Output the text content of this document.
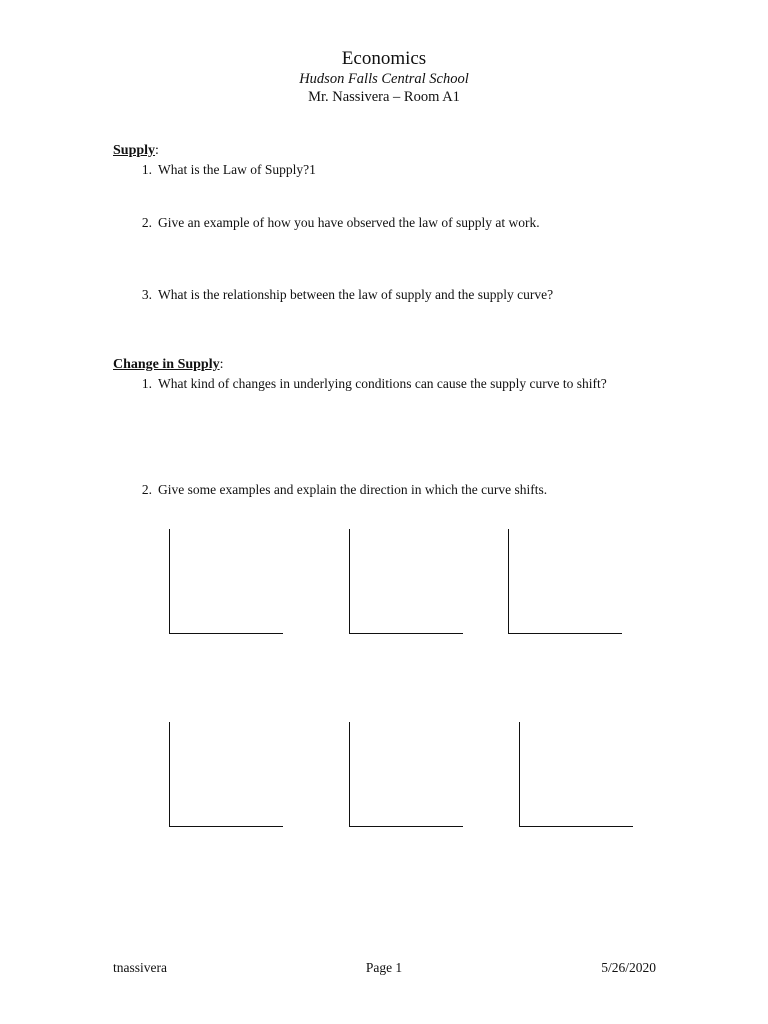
Economics
Hudson Falls Central School
Mr. Nassivera – Room A1
Supply:
1. What is the Law of Supply?1
2. Give an example of how you have observed the law of supply at work.
3. What is the relationship between the law of supply and the supply curve?
Change in Supply:
1. What kind of changes in underlying conditions can cause the supply curve to shift?
2. Give some examples and explain the direction in which the curve shifts.
tnassivera	Page 1	5/26/2020
